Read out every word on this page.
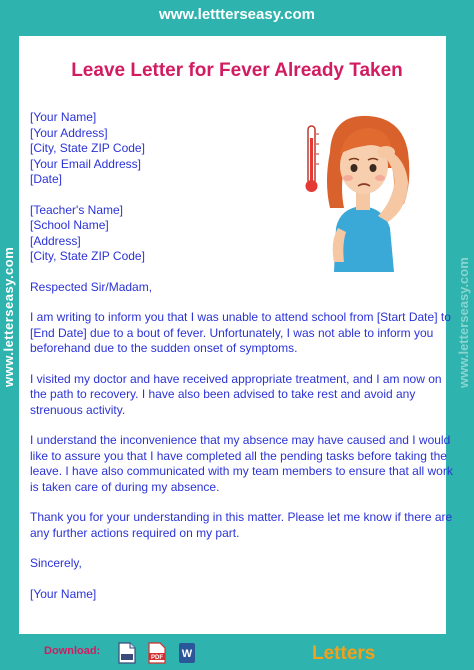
www.lettterseasy.com
Leave Letter for Fever Already Taken
www.letterseasy.com	www.letterseasy.com
[Your Name]
[Your Address]
[City, State ZIP Code]
[Your Email Address]
[Date]
[Teacher's Name]
[School Name]
[Address]
[City, State ZIP Code]
Respected Sir/Madam,
I am writing to inform you that I was unable to attend school from [Start Date] to
[End Date] due to a bout of fever. Unfortunately, I was not able to inform you
beforehand due to the sudden onset of symptoms.
I visited my doctor and have received appropriate treatment, and I am now on
the path to recovery. I have also been advised to take rest and avoid any
strenuous activity.
I understand the inconvenience that my absence may have caused and I would
like to assure you that I have completed all the pending tasks before taking the
leave. I have also communicated with my team members to ensure that all work
is taken care of during my absence.
Thank you for your understanding in this matter. Please let me know if there are
any further actions required on my part.
Sincerely,
[Your Name]
Download:
PDF W	LettersEasy
